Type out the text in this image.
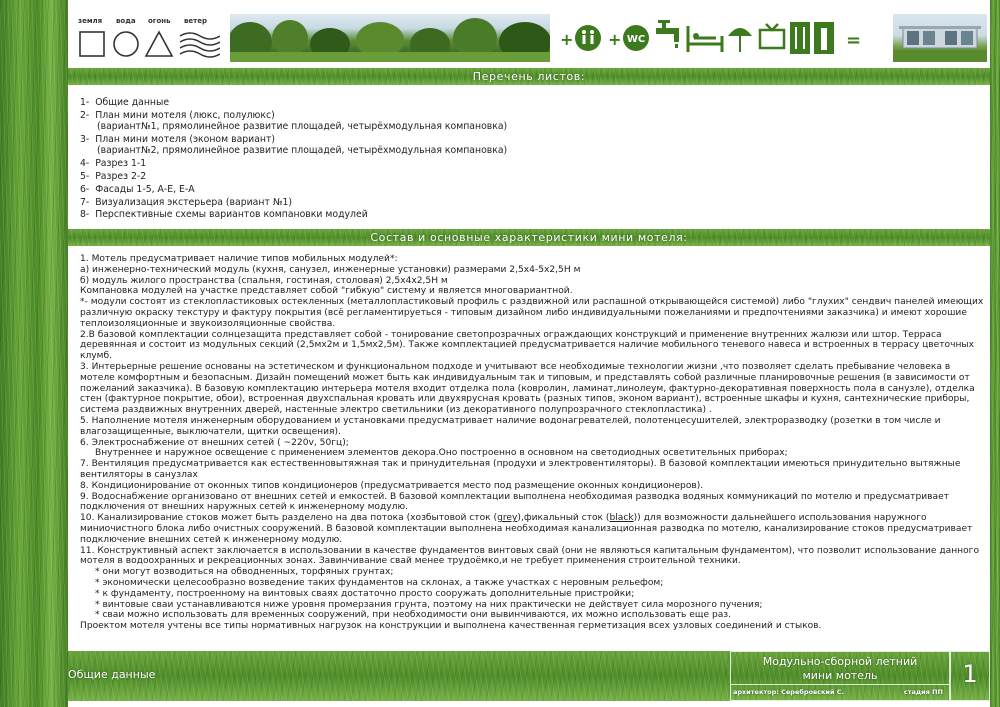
земля вода огонь ветер
+ + WC	=
Перечень листов:
1- Общие данные
2- План мини мотеля (люкс, полулюкс)
(вариант№1, прямолинейное развитие площадей, четырёхмодульная компановка)
3- План мини мотеля (эконом вариант)
(вариант№2, прямолинейное развитие площадей, четырёхмодульная компановка)
4- Разрез 1-1
5- Разрез 2-2
6- Фасады 1-5, А-Е, Е-А
7- Визуализация экстерьера (вариант №1)
8- Перспективные схемы вариантов компановки модулей
Состав и основные характеристики мини мотеля:

1. Мотель предусматривает наличие типов мобильных модулей*:

а) инженерно-технический модуль (кухня, санузел, инженерные установки) размерами 2,5х4-5х2,5Н м

б) модуль жилого пространства (спальня, гостиная, столовая) 2,5х4х2,5Н м

Компановка модулей на участке представляет собой "гибкую" систему и является многовариантной.

*- модули состоят из стеклопластиковых остекленных (металлопластиковый профиль с раздвижной или распашной открывающейся системой) либо "глухих" сендвич панелей имеющих различную окраску текстуру и фактуру покрытия (всё регламентируеться - типовым дизайном либо индивидуальными пожеланиями и предпочтениями заказчика) и имеют хорошие теплоизоляционные и звукоизоляционные свойства.

2.В базовой комплектации солнцезащита представляет собой - тонирование светопрозрачных ограждающих конструкций и применение внутренних жалюзи или штор. Терраса деревянная и состоит из модульных секций (2,5мх2м и 1,5мх2,5м). Также комплектацией предусматривается наличие мобильного теневого навеса и встроенных в террасу цветочных клумб.

3. Интерьерные решение основаны на эстетическом и функциональном подходе и учитывают все необходимые технологии жизни ,что позволяет сделать пребывание человека в мотеле комфортным и безопасным. Дизайн помещений может быть как индивидуальным так и типовым, и представлять собой различные планировочные решения (в зависимости от пожеланий заказчика). В базовую комплектацию интерьера мотеля входит отделка пола (ковролин, ламинат,линолеум, фактурно-декоративная поверхность пола в санузле), отделка стен (фактурное покрытие, обои), встроенная двухспальная кровать или двухярусная кровать (разных типов, эконом вариант), встроенные шкафы и кухня, сантехнические приборы, система раздвижных внутренних дверей, настенные электро светильники (из декоративного полупрозрачного стеклопластика) .

5. Наполнение мотеля инженерным оборудованием и установками предусматривает наличие водонагревателей, полотенцесушителей, электроразводку (розетки в том числе и влагозащищенные, выключатели, щитки освещения).

6. Электроснабжение от внешних сетей ( ~220v, 50гц);

Внутреннее и наружное освещение с применением элементов декора.Оно построенно в основном на светодиодных осветительных приборах;

7. Вентиляция предусматривается как естественновытяжная так и принудительная (продухи и электровентиляторы). В базовой комплектации имеються принудительно вытяжные вентиляторы в санузлах

8. Кондиционирование от оконных типов кондиционеров (предусматривается место под размещение оконных кондиционеров).

9. Водоснабжение организовано от внешних сетей и емкостей. В базовой комплектации выполнена необходимая разводка водяных коммуникаций по мотелю и предусматривает подключения от внешних наружных сетей к инженерному модулю.

10. Канализирование стоков может быть разделено на два потока (хозбытовой сток (grey),фикальный сток (black)) для возможности дальнейшего использования наружного миниочистного блока либо очистных сооружений. В базовой комплектации выполнена необходимая канализационная разводка по мотелю, канализирование стоков предусматривает подключение внешних сетей к инженерному модулю.

11. Конструктивный аспект заключается в использовании в качестве фундаментов винтовых свай (они не являються капитальным фундаментом), что позволит использование данного мотеля в водоохранных и рекреационных зонах. Завинчивание свай менее трудоёмко,и не требует применения строительной техники.

* они могут возводиться на обводненных, торфяных грунтах;

* экономически целесообразно возведение таких фундаментов на склонах, а также участках с неровным рельефом;

* к фундаменту, построенному на винтовых сваях достаточно просто сооружать дополнительные пристройки;

* винтовые сваи устанавливаются ниже уровня промерзания грунта, поэтому на них практически не действует сила морозного пучения;

* сваи можно использовать для временных сооружений, при необходимости они вывинчиваются, их можно использовать еще раз.

Проектом мотеля учтены все типы нормативных нагрузок на конструкции и выполнена качественная герметизация всех узловых соединений и стыков.

Общие данные
Модульно-сборной летний
мини мотель
архитектор: Серебровский С.	стадия ПП
1
